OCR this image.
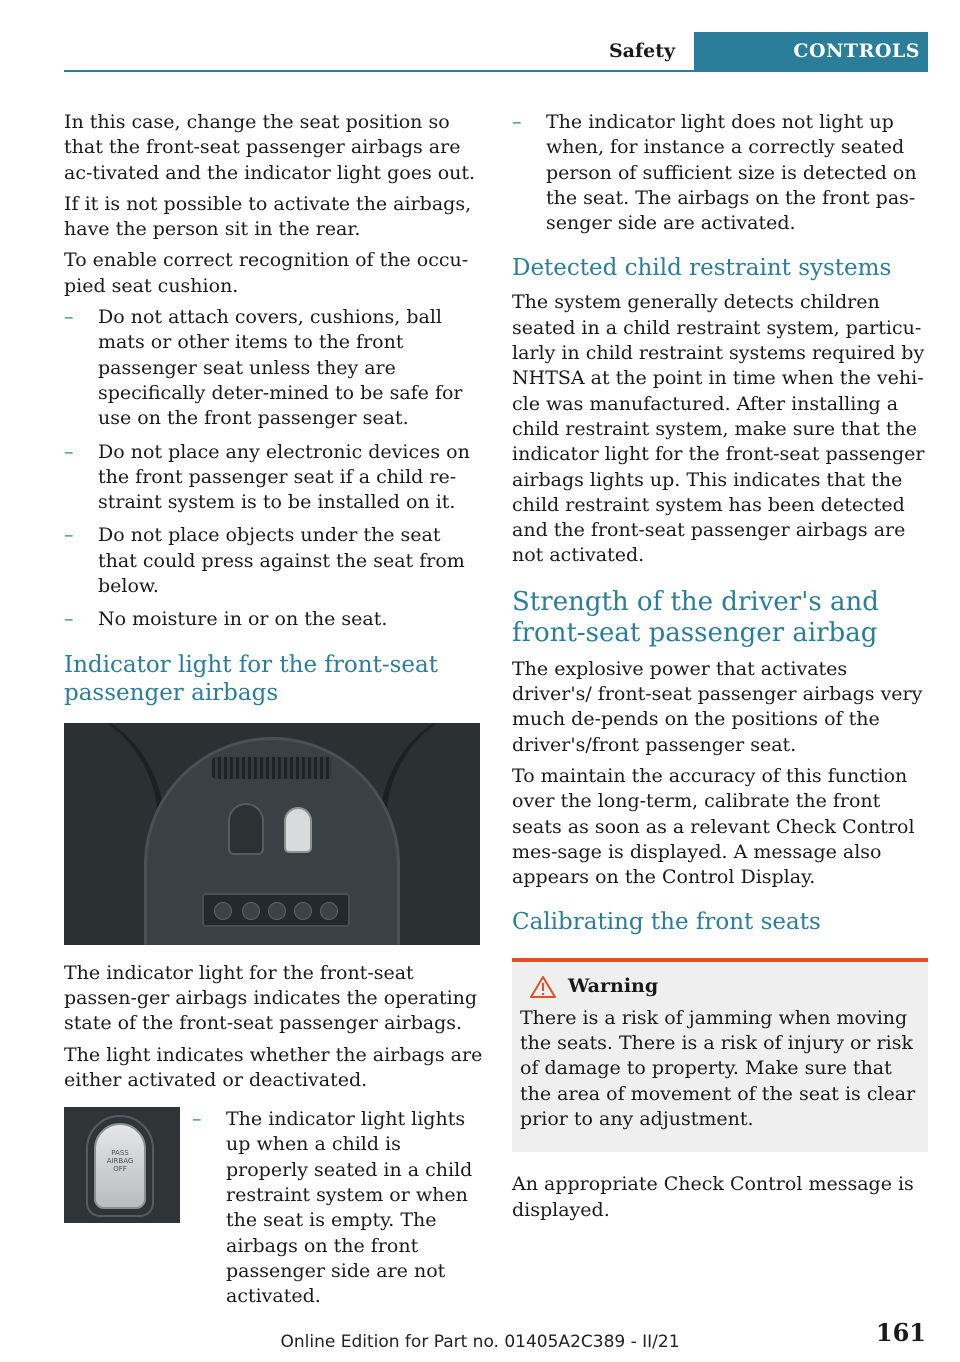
Safety	CONTROLS

In this case, change the seat position so that the front-seat passenger airbags are ac-tivated and the indicator light goes out.

If it is not possible to activate the airbags, have the person sit in the rear.

To enable correct recognition of the occu-pied seat cushion.

– Do not attach covers, cushions, ball mats or other items to the front passenger seat unless they are specifically deter-mined to be safe for use on the front passenger seat.
– Do not place any electronic devices on the front passenger seat if a child re-straint system is to be installed on it.
– Do not place objects under the seat that could press against the seat from below.
– No moisture in or on the seat.
Indicator light for the front-seat passenger airbags

The indicator light for the front-seat passen-ger airbags indicates the operating state of the front-seat passenger airbags.

The light indicates whether the airbags are either activated or deactivated.

PASS
AIRBAG
OFF
– The indicator light lights up when a child is properly seated in a child restraint system or when the seat is empty. The airbags on the front passenger side are not activated.
– The indicator light does not light up when, for instance a correctly seated person of sufficient size is detected on the seat. The airbags on the front pas-senger side are activated.
Detected child restraint systems

The system generally detects children seated in a child restraint system, particu-larly in child restraint systems required by NHTSA at the point in time when the vehi-cle was manufactured. After installing a child restraint system, make sure that the indicator light for the front-seat passenger airbags lights up. This indicates that the child restraint system has been detected and the front-seat passenger airbags are not activated.

Strength of the driver's and front-seat passenger airbag

The explosive power that activates driver's/ front-seat passenger airbags very much de-pends on the positions of the driver's/front passenger seat.

To maintain the accuracy of this function over the long-term, calibrate the front seats as soon as a relevant Check Control mes-sage is displayed. A message also appears on the Control Display.

Calibrating the front seats
Warning

There is a risk of jamming when moving the seats. There is a risk of injury or risk of damage to property. Make sure that the area of movement of the seat is clear prior to any adjustment.

An appropriate Check Control message is displayed.

161
Online Edition for Part no. 01405A2C389 - II/21
